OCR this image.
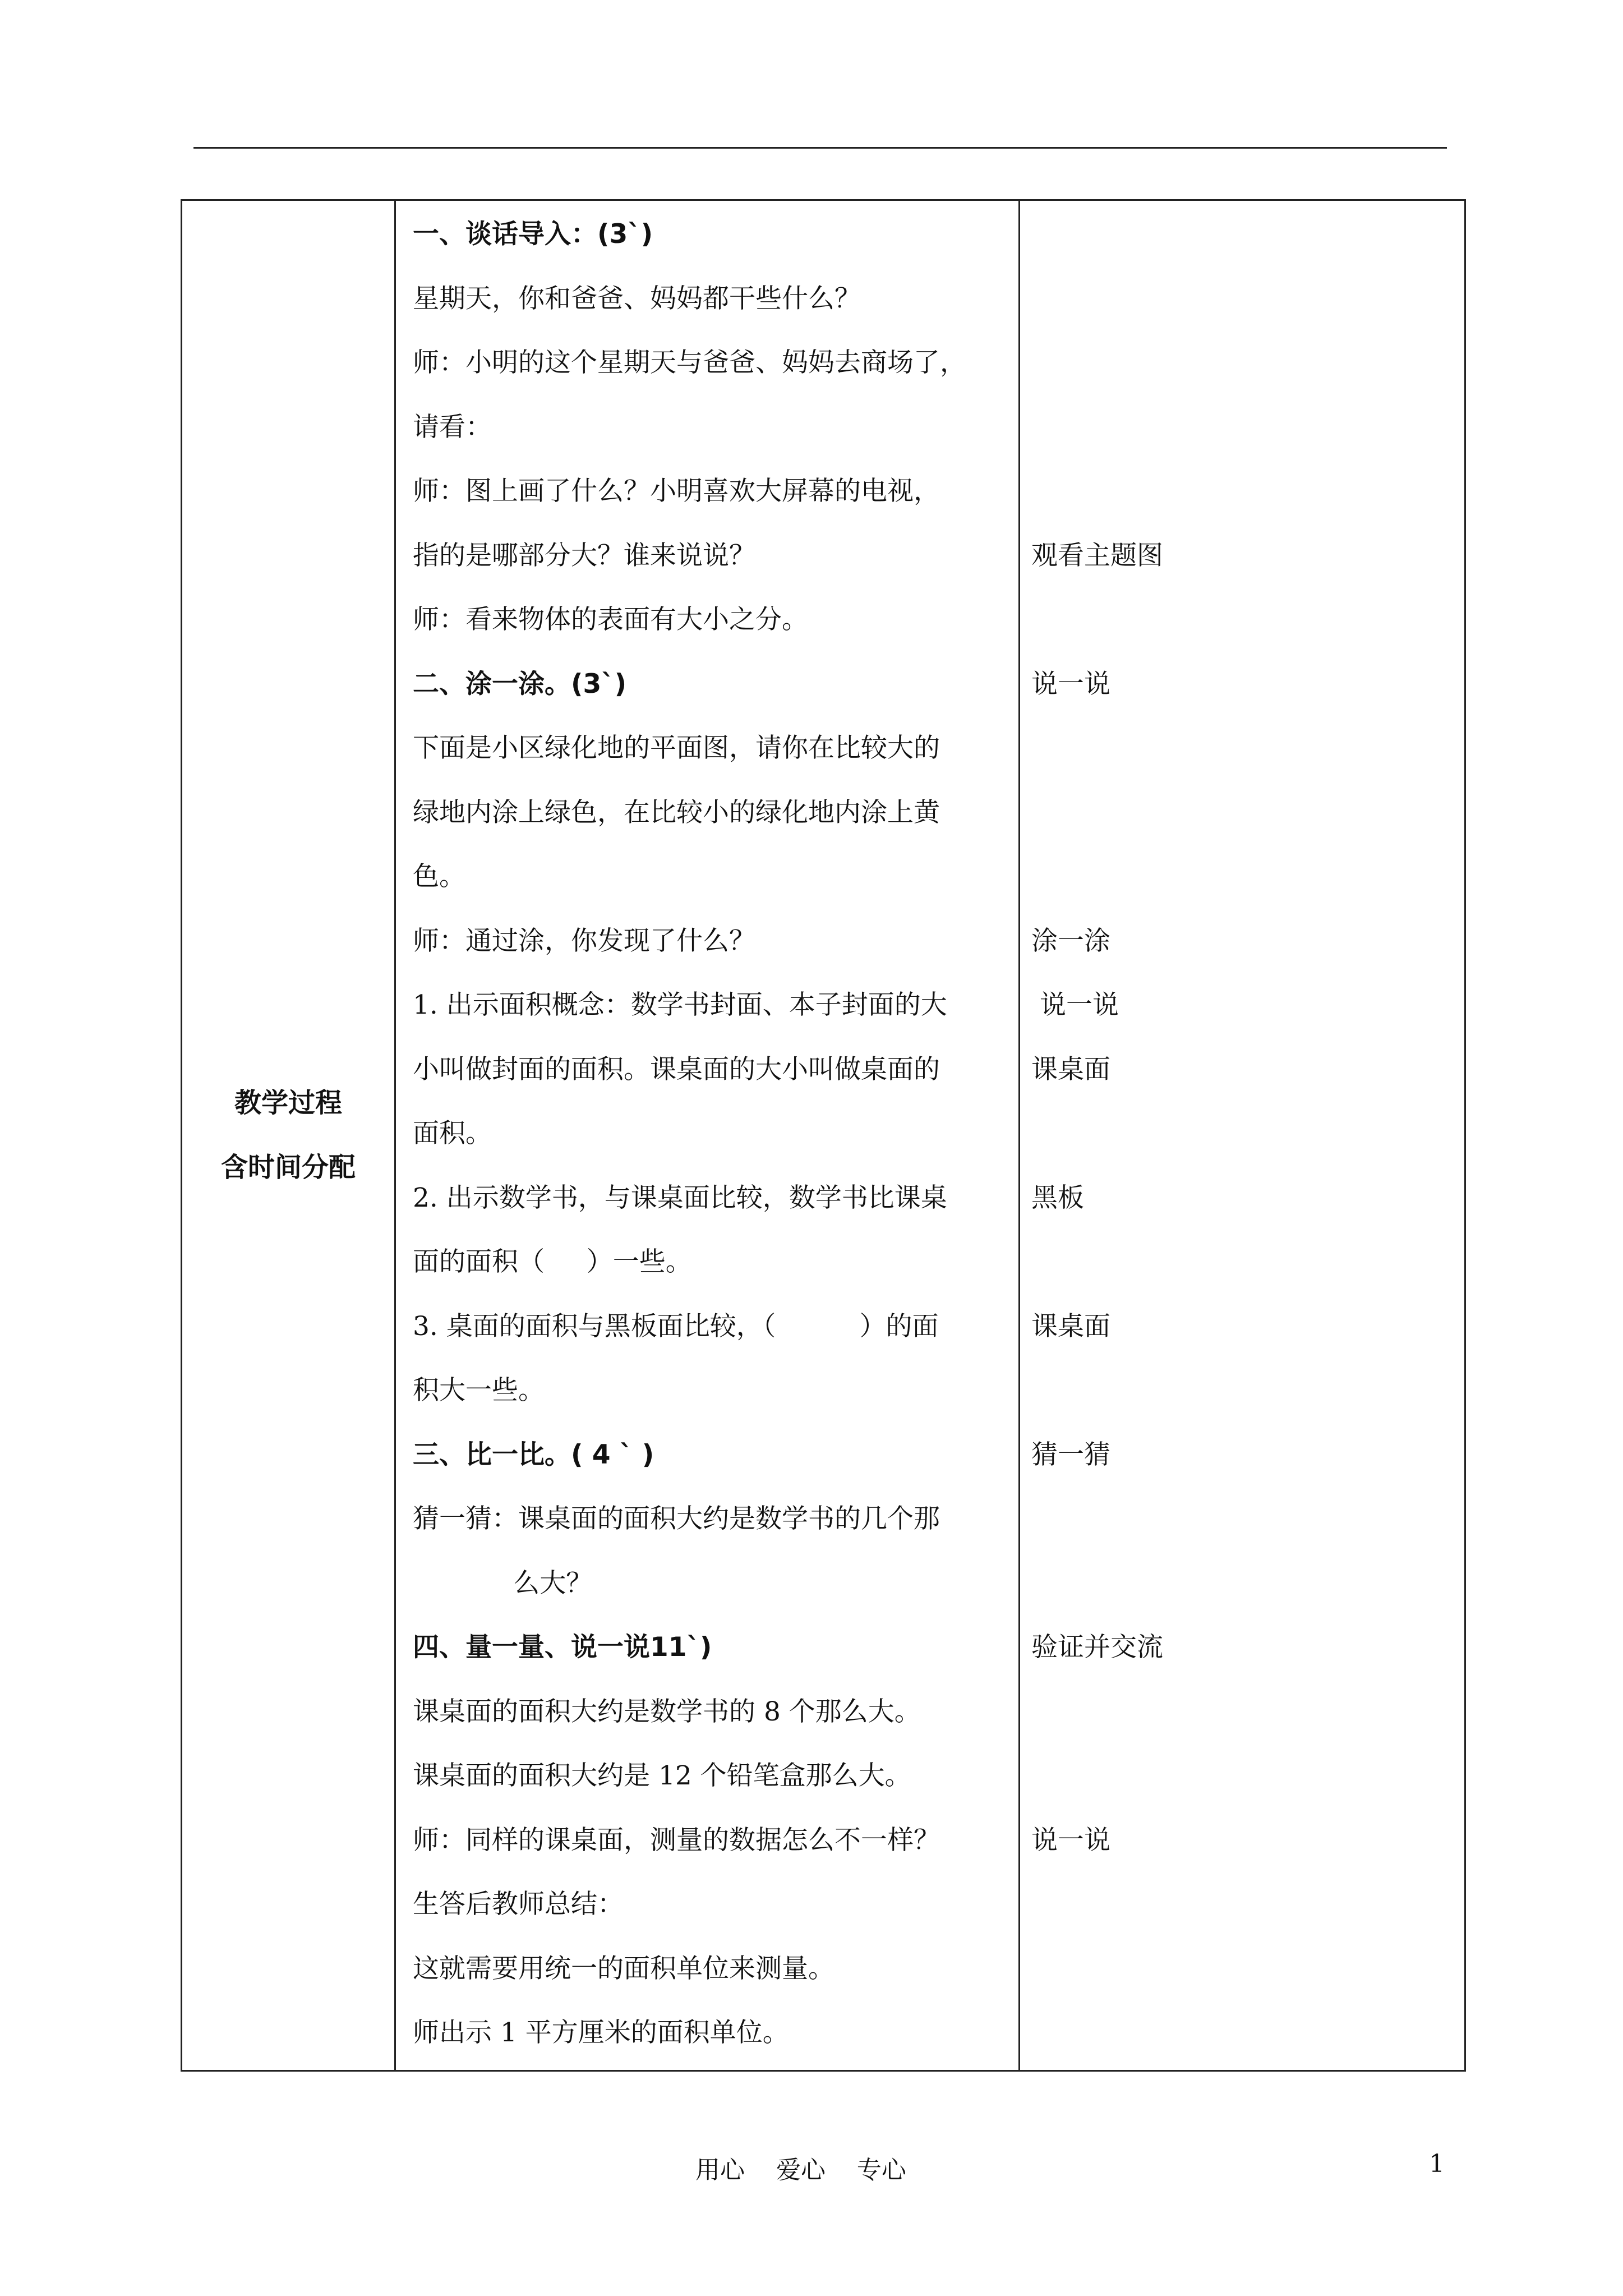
教学过程
含时间分配

一、谈话导入：(3`)
星期天，你和爸爸、妈妈都干些什么？
师：小明的这个星期天与爸爸、妈妈去商场了，
请看：
师：图上画了什么？小明喜欢大屏幕的电视，
指的是哪部分大？谁来说说？
师：看来物体的表面有大小之分。
二、涂一涂。(3`)
下面是小区绿化地的平面图，请你在比较大的
绿地内涂上绿色，在比较小的绿化地内涂上黄
色。
师：通过涂，你发现了什么？
1. 出示面积概念：数学书封面、本子封面的大
小叫做封面的面积。课桌面的大小叫做桌面的
面积。
2. 出示数学书，与课桌面比较，数学书比课桌
面的面积（     ）一些。
3. 桌面的面积与黑板面比较，（          ）的面
积大一些。
三、比一比。( 4 ` )
猜一猜：课桌面的面积大约是数学书的几个那
么大？
四、量一量、说一说11`)
课桌面的面积大约是数学书的 8 个那么大。
课桌面的面积大约是 12 个铅笔盒那么大。
师：同样的课桌面，测量的数据怎么不一样？
生答后教师总结：
这就需要用统一的面积单位来测量。
师出示 1 平方厘米的面积单位。

观看主题图
说一说
涂一涂
说一说
课桌面
黑板
课桌面
猜一猜
验证并交流
说一说
用心    爱心    专心	1
